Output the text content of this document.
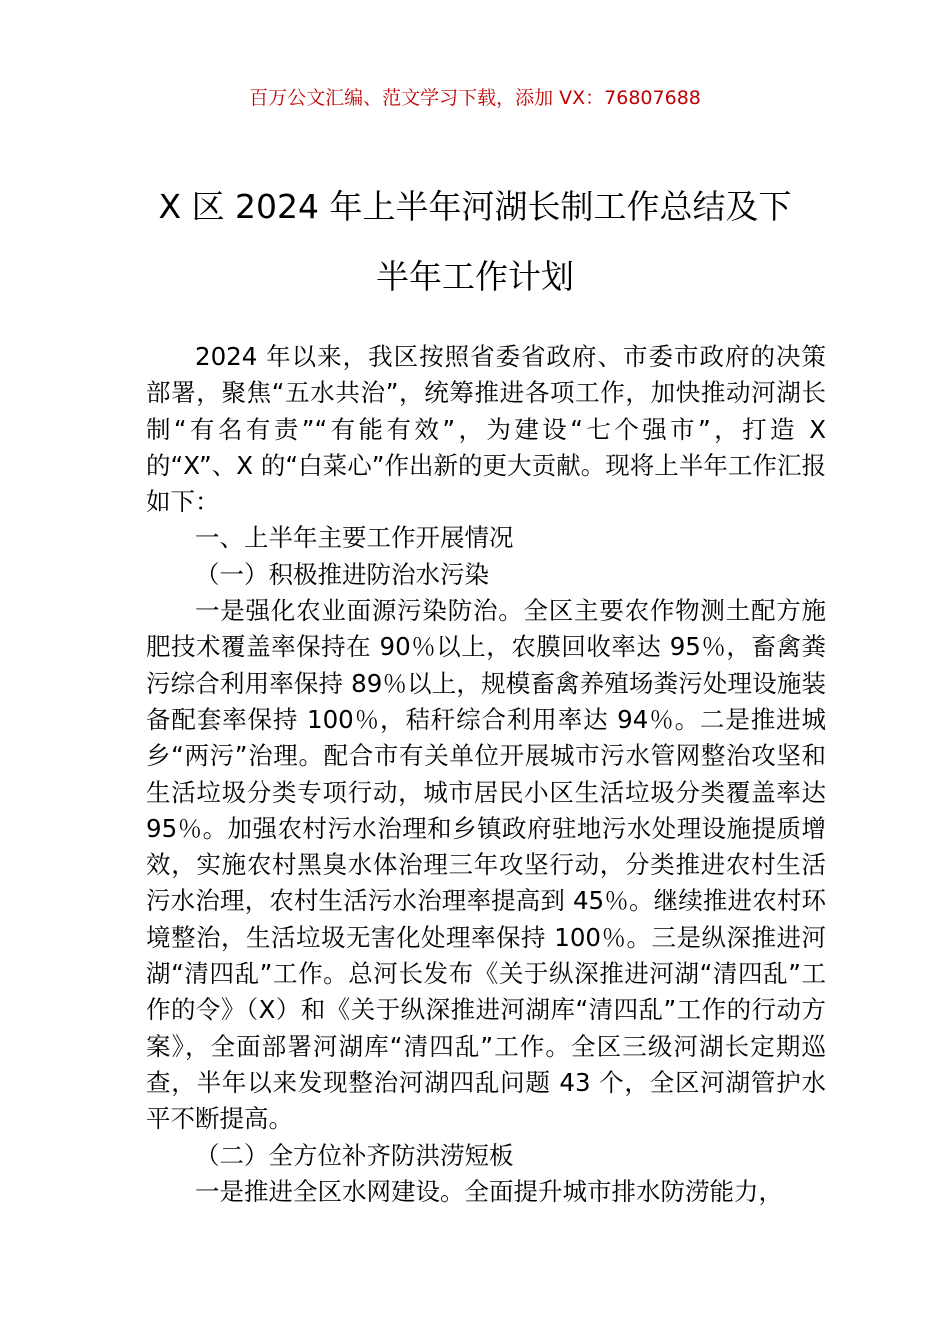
百万公文汇编、范文学习下载，添加 VX：76807688
X 区 2024 年上半年河湖长制工作总结及下
半年工作计划

2024 年以来，我区按照省委省政府、市委市政府的决策部署，聚焦“五水共治”，统筹推进各项工作，加快推动河湖长制“有名有责”“有能有效”，为建设“七个强市”，打造 X 的“X”、X 的“白菜心”作出新的更大贡献。现将上半年工作汇报如下：

一、上半年主要工作开展情况

（一）积极推进防治水污染

一是强化农业面源污染防治。全区主要农作物测土配方施肥技术覆盖率保持在 90％以上，农膜回收率达 95％，畜禽粪污综合利用率保持 89％以上，规模畜禽养殖场粪污处理设施装备配套率保持 100％，秸秆综合利用率达 94％。二是推进城乡“两污”治理。配合市有关单位开展城市污水管网整治攻坚和生活垃圾分类专项行动，城市居民小区生活垃圾分类覆盖率达 95％。加强农村污水治理和乡镇政府驻地污水处理设施提质增效，实施农村黑臭水体治理三年攻坚行动，分类推进农村生活污水治理，农村生活污水治理率提高到 45％。继续推进农村环境整治，生活垃圾无害化处理率保持 100％。三是纵深推进河湖“清四乱”工作。总河长发布《关于纵深推进河湖“清四乱”工作的令》（X）和《关于纵深推进河湖库“清四乱”工作的行动方案》，全面部署河湖库“清四乱”工作。全区三级河湖长定期巡查，半年以来发现整治河湖四乱问题 43 个，全区河湖管护水平不断提高。

（二）全方位补齐防洪涝短板

一是推进全区水网建设。全面提升城市排水防涝能力，
